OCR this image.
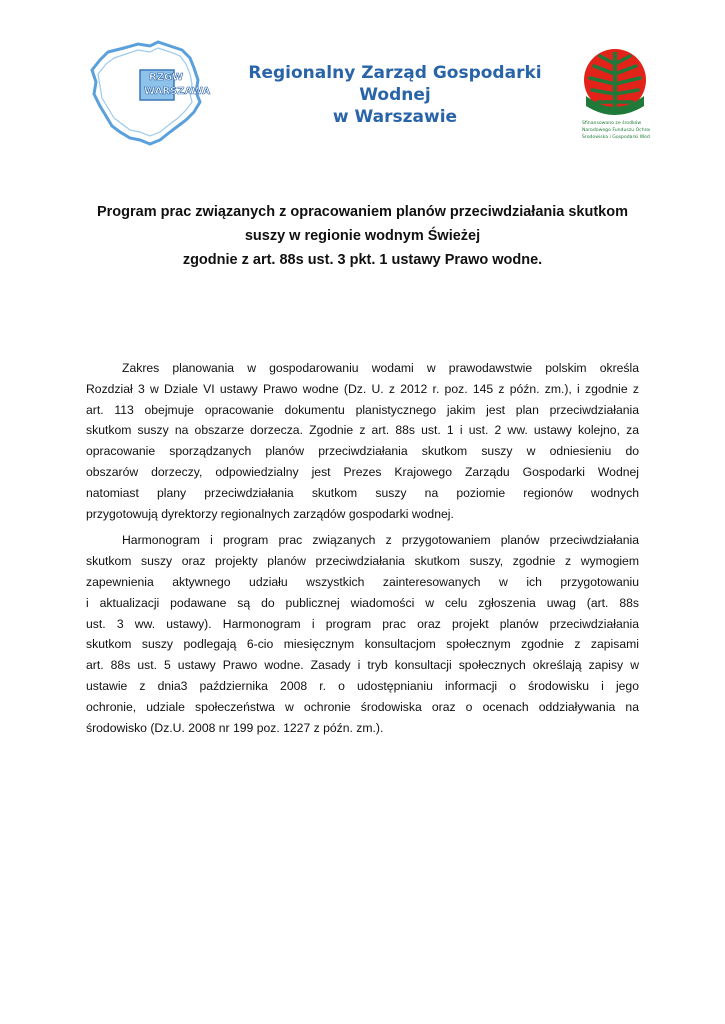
RZGW
WARSZAWA
Regionalny Zarząd Gospodarki Wodnej
w Warszawie	Sfinansowano ze środków
Narodowego Funduszu Ochrony
Środowiska i Gospodarki Wodnej
Program prac związanych z opracowaniem planów przeciwdziałania skutkom
suszy w regionie wodnym Świeżej
zgodnie z art. 88s ust. 3 pkt. 1 ustawy Prawo wodne.

Zakres planowania w gospodarowaniu wodami w prawodawstwie polskim określa
Rozdział 3 w Dziale VI ustawy Prawo wodne (Dz. U. z 2012 r. poz. 145 z późn. zm.), i zgodnie z
art. 113 obejmuje opracowanie dokumentu planistycznego jakim jest plan przeciwdziałania
skutkom suszy na obszarze dorzecza. Zgodnie z art. 88s ust. 1 i ust. 2 ww. ustawy kolejno, za
opracowanie sporządzanych planów przeciwdziałania skutkom suszy w odniesieniu do
obszarów dorzeczy, odpowiedzialny jest Prezes Krajowego Zarządu Gospodarki Wodnej
natomiast plany przeciwdziałania skutkom suszy na poziomie regionów wodnych
przygotowują dyrektorzy regionalnych zarządów gospodarki wodnej.

Harmonogram i program prac związanych z przygotowaniem planów przeciwdziałania
skutkom suszy oraz projekty planów przeciwdziałania skutkom suszy, zgodnie z wymogiem
zapewnienia aktywnego udziału wszystkich zainteresowanych w ich przygotowaniu
i aktualizacji podawane są do publicznej wiadomości w celu zgłoszenia uwag (art. 88s
ust. 3 ww. ustawy). Harmonogram i program prac oraz projekt planów przeciwdziałania
skutkom suszy podlegają 6-cio miesięcznym konsultacjom społecznym zgodnie z zapisami
art. 88s ust. 5 ustawy Prawo wodne. Zasady i tryb konsultacji społecznych określają zapisy w
ustawie z dnia3 października 2008 r. o udostępnianiu informacji o środowisku i jego
ochronie, udziale społeczeństwa w ochronie środowiska oraz o ocenach oddziaływania na
środowisko (Dz.U. 2008 nr 199 poz. 1227 z późn. zm.).
